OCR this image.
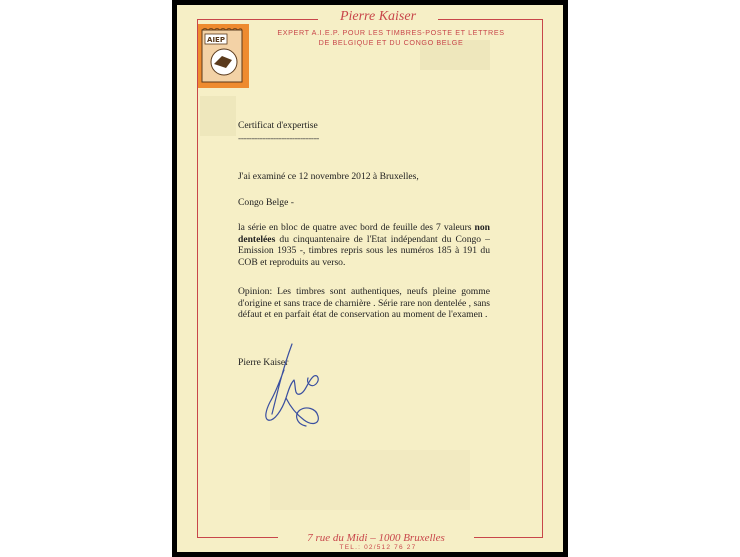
Pierre Kaiser
EXPERT A.I.E.P. POUR LES TIMBRES-POSTE ET LETTRES
DE BELGIQUE ET DU CONGO BELGE
AIEP
Certificat d'expertise
------------------------------
J'ai examiné ce 12 novembre 2012 à Bruxelles,
Congo Belge -
la série en bloc de quatre avec bord de feuille des 7 valeurs non dentelées du cinquantenaire de l'Etat indépendant du Congo – Emission 1935 -, timbres repris sous les numéros 185 à 191 du COB et reproduits au verso.
Opinion: Les timbres sont authentiques, neufs pleine gomme d'origine et sans trace de charnière . Série rare non dentelée , sans défaut et en parfait état de conservation au moment de l'examen .
Pierre Kaiser
7 rue du Midi – 1000 Bruxelles
TEL.: 02/512 76 27
